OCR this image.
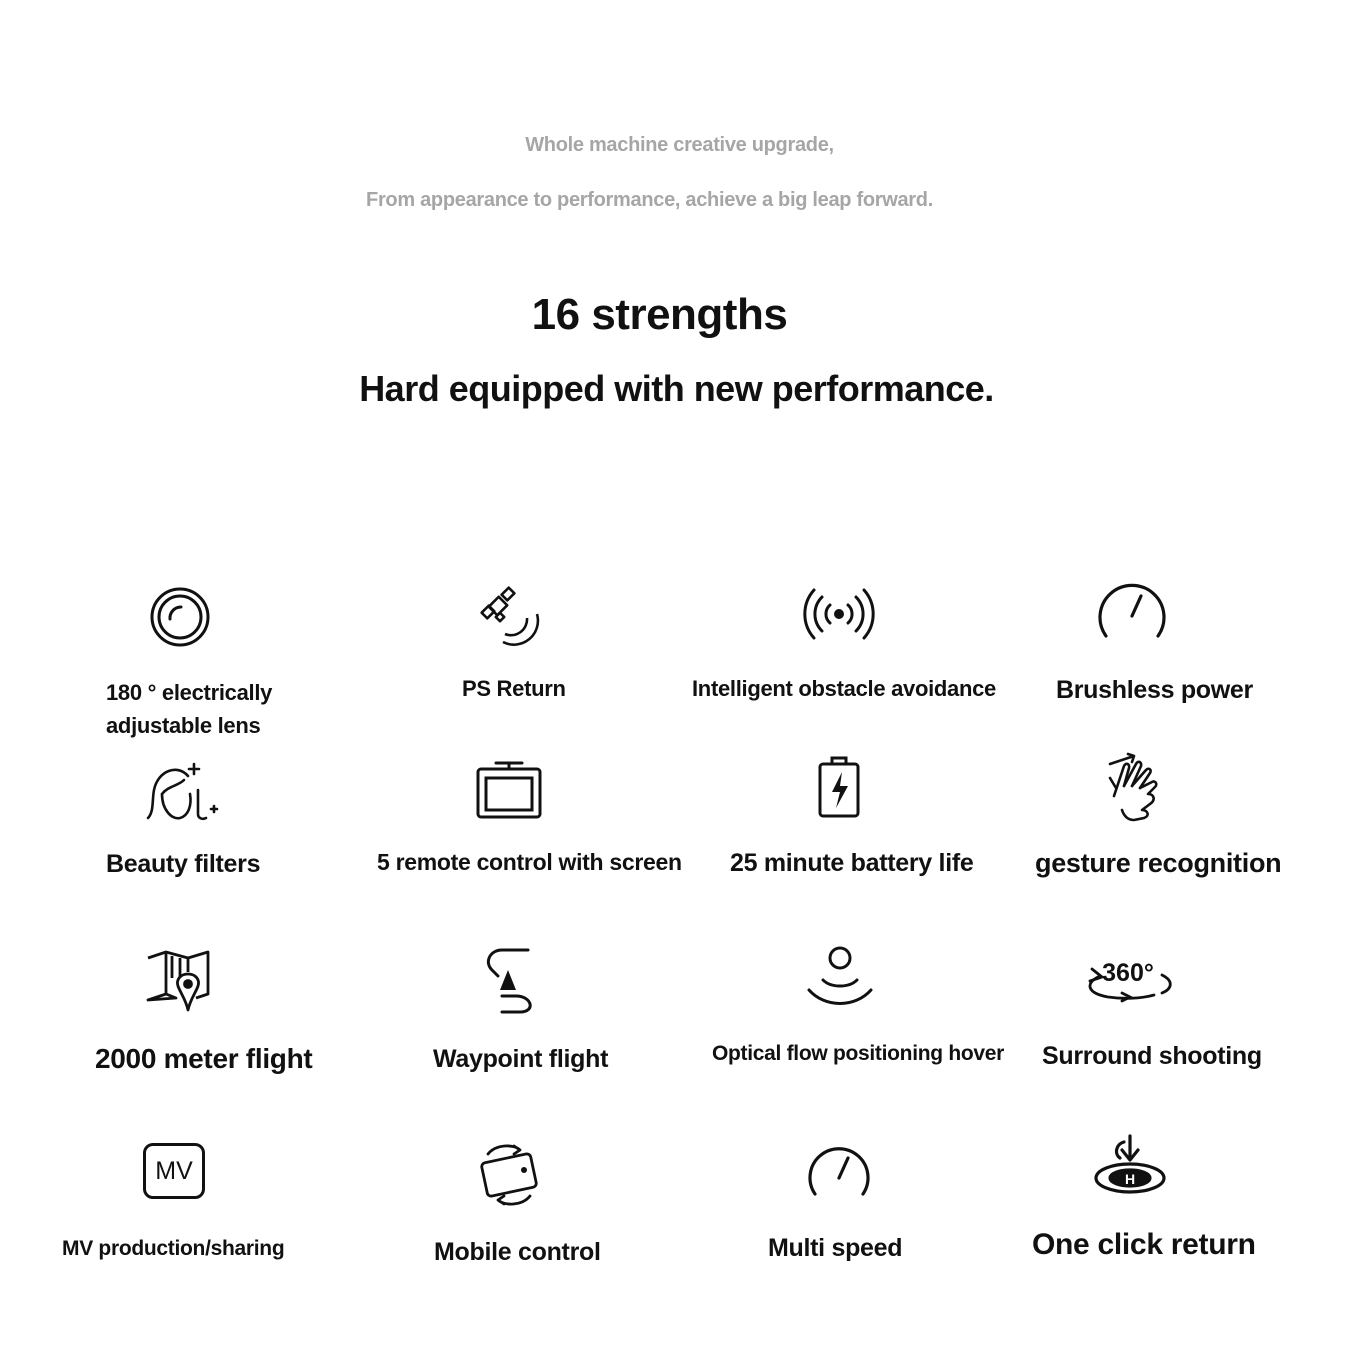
Whole machine creative upgrade,
From appearance to performance, achieve a big leap forward.
16 strengths
Hard equipped with new performance.
180 ° electrically
adjustable lens
PS Return	Intelligent obstacle avoidance Brushless power
Beauty filters	5 remote control with screen 25 minute battery life gesture recognition
2000 meter flight	Waypoint flight	Optical flow positioning hover
360°
Surround shooting
MV
MV production/sharing	Mobile control	Multi speed
H
One click return
